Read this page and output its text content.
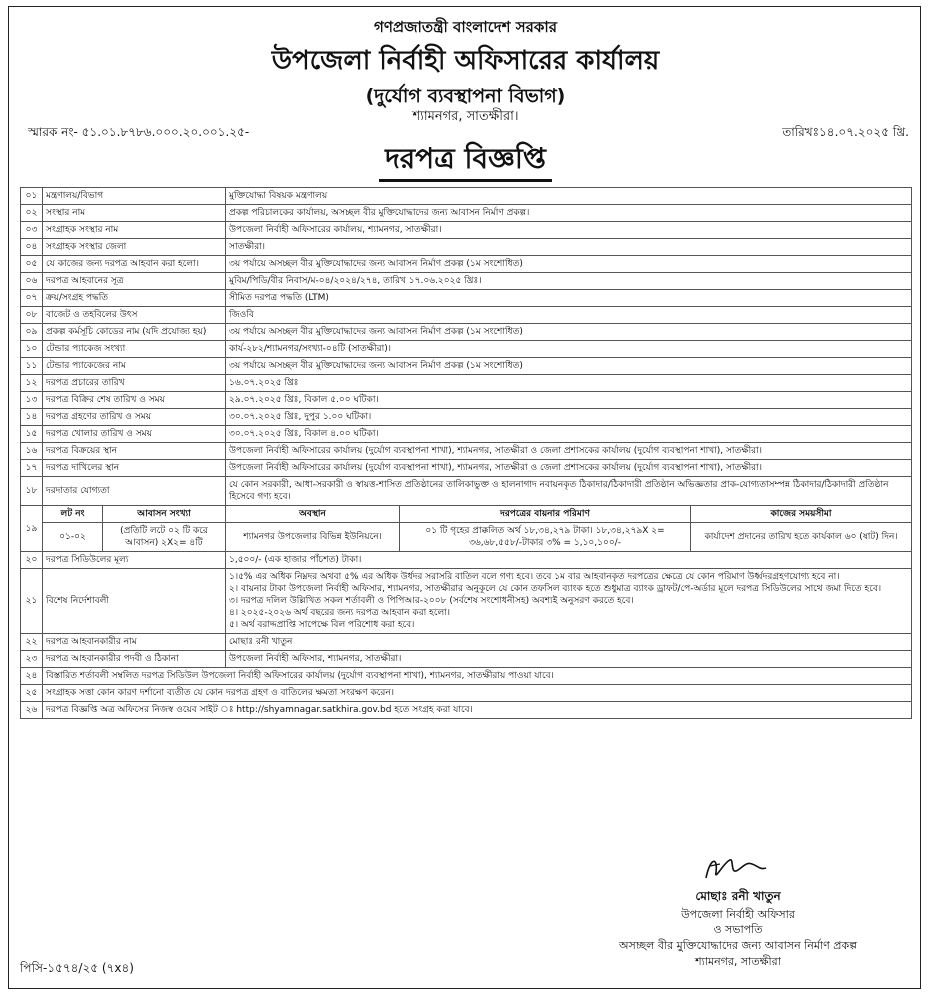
গণপ্রজাতন্ত্রী বাংলাদেশ সরকার

উপজেলা নির্বাহী অফিসারের কার্যালয়

(দুর্যোগ ব্যবস্থাপনা বিভাগ)

শ্যামনগর, সাতক্ষীরা।

স্মারক নং- ৫১.০১.৮৭৮৬.০০০.২০.০০১.২৫-	তারিখঃ১৪.০৭.২০২৫ খ্রি.
দরপত্র বিজ্ঞপ্তি
০১	মন্ত্রণালয়/বিভাগ		মুক্তিযোদ্ধা বিষয়ক মন্ত্রণালয়		
০২	সংস্থার নাম		প্রকল্প পরিচালকের কার্যালয়, অসচ্ছল বীর মুক্তিযোদ্ধাদের জন্য আবাসন নির্মাণ প্রকল্প।		
০৩	সংগ্রাহক সংস্থার নাম		উপজেলা নির্বাহী অফিসারের কার্যালয়, শ্যামনগর, সাতক্ষীরা।		
০৪	সংগ্রাহক সংস্থার জেলা		সাতক্ষীরা।		
০৫	যে কাজের জন্য দরপত্র আহবান করা হলো।		৩য় পর্যায়ে অসচ্ছল বীর মুক্তিযোদ্ধাদের জন্য আবাসন নির্মাণ প্রকল্প (১ম সংশোধিত)		
০৬	দরপত্র আহবানের সূত্র		মুবিম/পিডি/বীর নিবাস/ম-০৪/২০২৪/২৭৪, তারিখ ১৭.০৬.২০২৫ খ্রিঃ।		
০৭	ক্রয়/সংগ্রহ পদ্ধতি		সীমিত দরপত্র পদ্ধতি (LTM)		
০৮	বাজেট ও তহবিলের উৎস		জিওবি		
০৯	প্রকল্প কর্মসূচি কোডের নাম (যদি প্রযোজ্য হয়)		৩য় পর্যায়ে অসচ্ছল বীর মুক্তিযোদ্ধাদের জন্য আবাসন নির্মাণ প্রকল্প (১ম সংশোধিত)		
১০	টেন্ডার প্যাকেজ সংখ্যা		কার্য-২৮২/শ্যামনগর/সংখ্যা-০৪টি (সাতক্ষীরা)।		
১১	টেন্ডার প্যাকেজের নাম		৩য় পর্যায়ে অসচ্ছল বীর মুক্তিযোদ্ধাদের জন্য আবাসন নির্মাণ প্রকল্প (১ম সংশোধিত)		
১২	দরপত্র প্রচারের তারিখ		১৬.০৭.২০২৫ খ্রিঃ		
১৩	দরপত্র বিক্রির শেষ তারিখ ও সময়		২৯.০৭.২০২৫ খ্রিঃ, বিকাল ৫.০০ ঘটিকা।		
১৪	দরপত্র গ্রহণের তারিখ ও সময়		৩০.০৭.২০২৫ খ্রিঃ, দুপুর ১.০০ ঘটিকা।		
১৫	দরপত্র খোলার তারিখ ও সময়		৩০.০৭.২০২৫ খ্রিঃ, বিকাল ৪.০০ ঘটিকা।		
১৬	দরপত্র বিক্রয়ের স্থান		উপজেলা নির্বাহী অফিসারের কার্যালয় (দুর্যোগ ব্যবস্থাপনা শাখা), শ্যামনগর, সাতক্ষীরা ও জেলা প্রশাসকের কার্যালয় (দুর্যোগ ব্যবস্থাপনা শাখা), সাতক্ষীরা।		
১৭	দরপত্র দাখিলের স্থান		উপজেলা নির্বাহী অফিসারের কার্যালয় (দুর্যোগ ব্যবস্থাপনা শাখা), শ্যামনগর, সাতক্ষীরা ও জেলা প্রশাসকের কার্যালয় (দুর্যোগ ব্যবস্থাপনা শাখা), সাতক্ষীরা।		
১৮	দরদাতার যোগ্যতা		যে কোন সরকারী, আধা-সরকারী ও স্বায়ত্ত-শাসিত প্রতিষ্ঠানের তালিকাভুক্ত ও হালনাগাদ নবায়নকৃত ঠিকাদার/ঠিকাদারী প্রতিষ্ঠান অভিজ্ঞতার প্রাক-যোগ্যতাসম্পন্ন ঠিকাদার/ঠিকাদারী প্রতিষ্ঠান হিসেবে গণ্য হবে।		
১৯	লট নং	আবাসন সংখ্যা	অবস্থান	দরপত্রের বায়নার পরিমাণ	কাজের সময়সীমা
	০১-০২	(প্রতিটি লটে ০২ টি করে আবাসন) ২X২= ৪টি	শ্যামনগর উপজেলার বিভিন্ন ইউনিয়নে।	০১ টি গৃহের প্রাক্কলিত অর্থ ১৮,৩৪,২৭৯ টাকা। ১৮,৩৪,২৭৯X ২= ৩৬,৬৮,৫৫৮/-টাকার ৩% = ১,১০,১০০/-	কার্যাদেশ প্রদানের তারিখ হতে কার্যকাল ৬০ (ষাট) দিন।
২০	দরপত্র সিডিউলের মূল্য		১,৫০০/- (এক হাজার পাঁচশত) টাকা।		
২১	বিশেষ নির্দেশাবলী		১।৫% এর অধিক নিম্নদর অথবা ৫% এর অধিক উর্ধদর সরাসরি বাতিল বলে গণ্য হবে। তবে ১ম বার আহবানকৃত দরপত্রের ক্ষেত্রে যে কোন পরিমাণ উর্ধ্বদরগ্রহণযোগ্য হবে না।

২। বায়নার টাকা উপজেলা নির্বাহী অফিসার, শ্যামনগর, সাতক্ষীরার অনুকূলে যে কোন তফসিল ব্যাংক হতে শুধুমাত্র ব্যাংক ড্রাফট/পে-অর্ডার মূলে দরপত্র সিডিউলের সাথে জমা দিতে হবে।

৩। দরপত্র দলিল উল্লিখিত সকল শর্তাবলী ও পিপিআর-২০০৮ (সর্বশেষ সংশোধনীসহ) অবশ্যই অনুসরণ করতে হবে।

৪। ২০২৫-২০২৬ অর্থ বছরের জন্য দরপত্র আহবান করা হলো।

৫। অর্থ বরাদ্দপ্রাপ্তি সাপেক্ষে বিল পরিশোধ করা হবে।		

২২	দরপত্র আহবানকারীর নাম		মোছাঃ রনী খাতুন		
২৩	দরপত্র আহবানকারীর পদবী ও ঠিকানা		উপজেলা নির্বাহী অফিসার, শ্যামনগর, সাতক্ষীরা।		
২৪	বিস্তারিত শর্তাবলী সম্বলিত দরপত্র সিডিউল উপজেলা নির্বাহী অফিসারের কার্যালয় (দুর্যোগ ব্যবস্থাপনা শাখা), শ্যামনগর, সাতক্ষীরায় পাওয়া যাবে।				
২৫	সংগ্রাহক সত্তা কোন কারণ দর্শানো ব্যতীত যে কোন দরপত্র গ্রহণ ও বাতিলের ক্ষমতা সংরক্ষণ করেন।				
২৬	দরপত্র বিজ্ঞপ্তি অত্র অফিসের নিজস্ব ওয়েব সাইট ঃ http://shyamnagar.satkhira.gov.bd হতে সংগ্রহ করা যাবে।				

মোছাঃ রনী খাতুন

উপজেলা নির্বাহী অফিসার

ও সভাপতি

অসচ্ছল বীর মুক্তিযোদ্ধাদের জন্য আবাসন নির্মাণ প্রকল্প

শ্যামনগর, সাতক্ষীরা

পিসি-১৫৭৪/২৫ (৭x৪)
